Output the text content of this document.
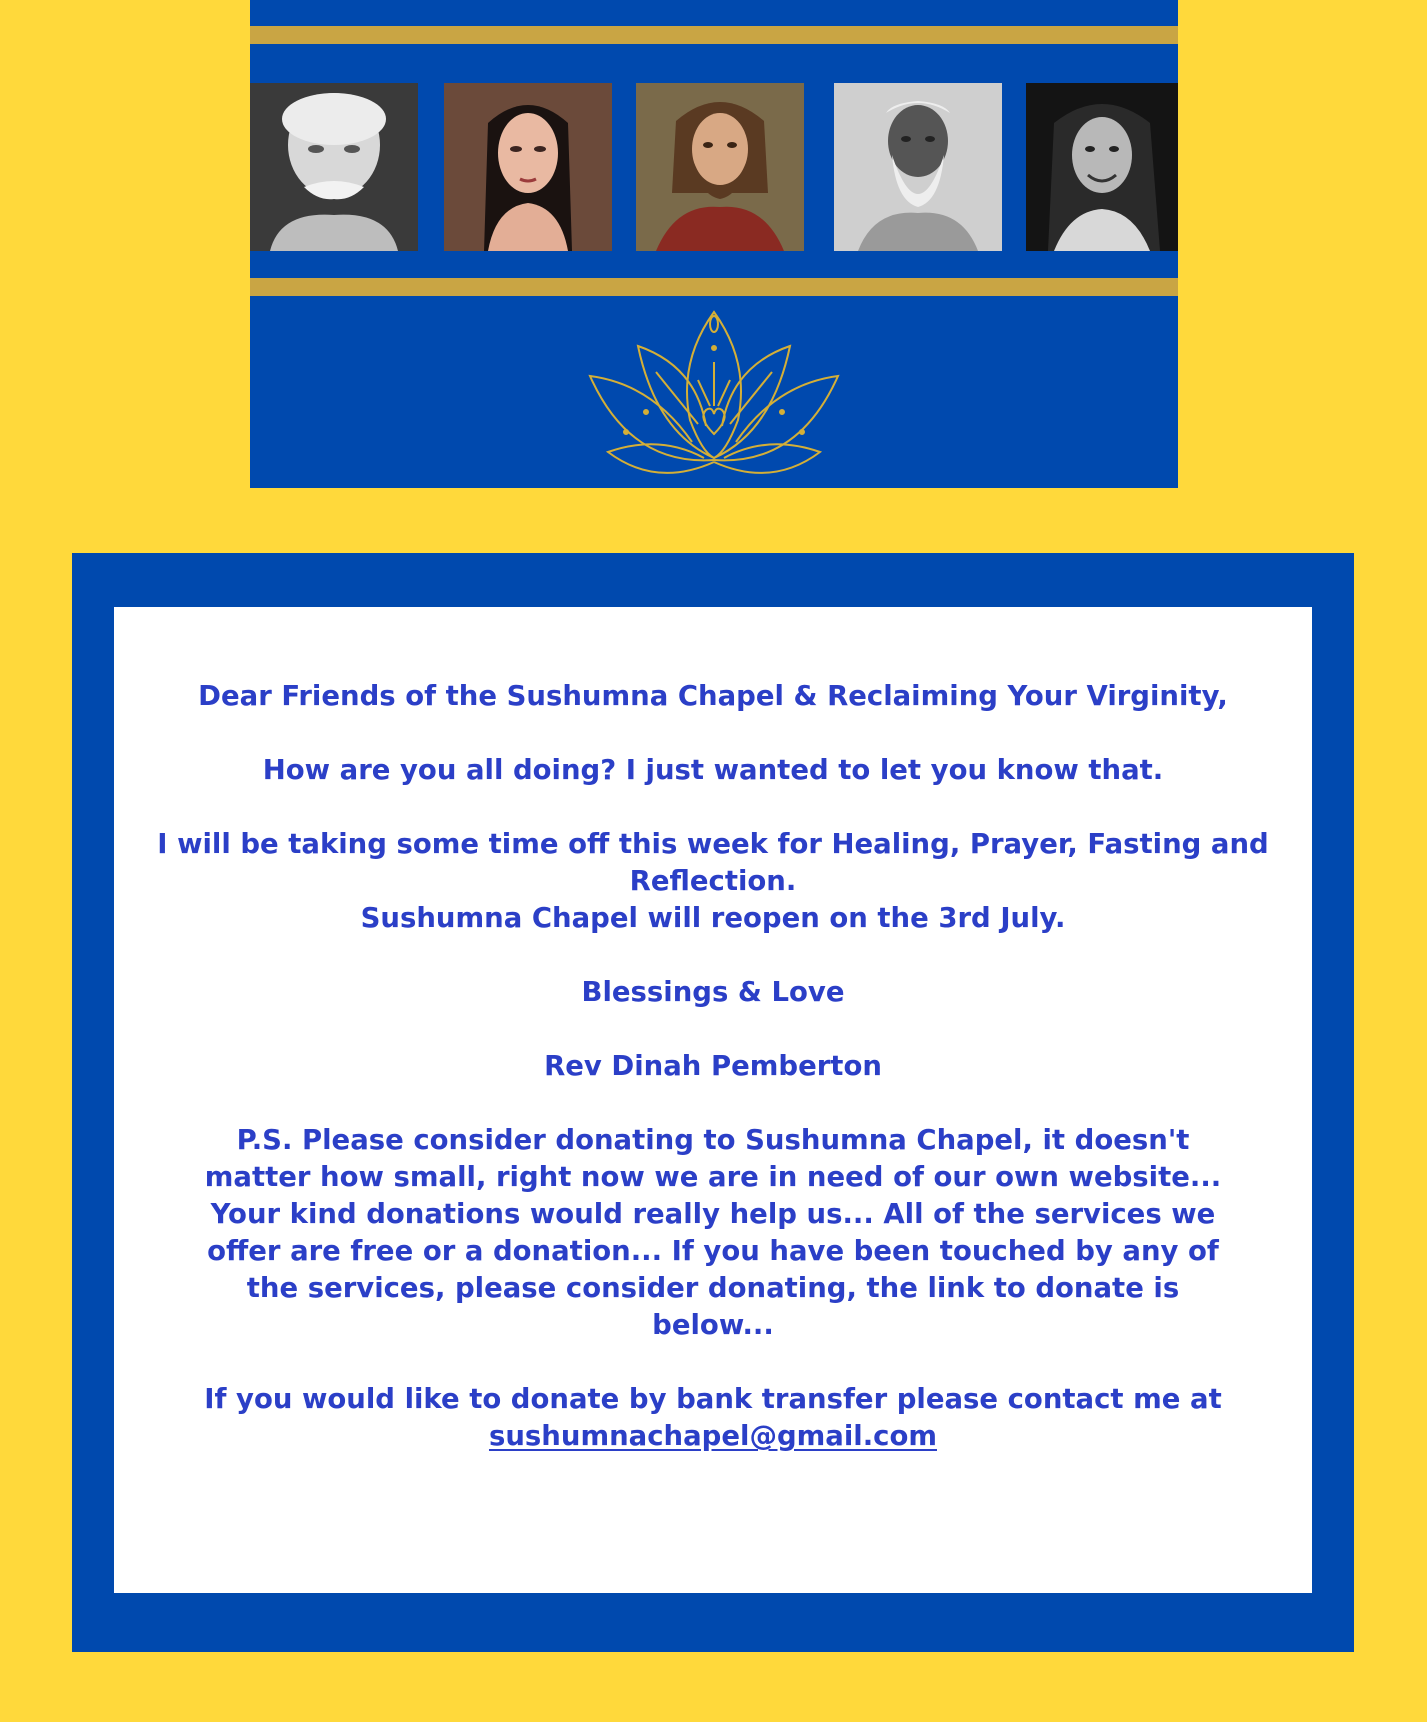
Dear Friends of the Sushumna Chapel & Reclaiming Your Virginity,

How are you all doing? I just wanted to let you know that.

I will be taking some time off this week for Healing, Prayer, Fasting and Reflection.

Sushumna Chapel will reopen on the 3rd July.

Blessings & Love

Rev Dinah Pemberton

P.S. Please consider donating to Sushumna Chapel, it doesn't matter how small, right now we are in need of our own website... Your kind donations would really help us... All of the services we offer are free or a donation... If you have been touched by any of the services, please consider donating, the link to donate is below...

If you would like to donate by bank transfer please contact me at

sushumnachapel@gmail.com
